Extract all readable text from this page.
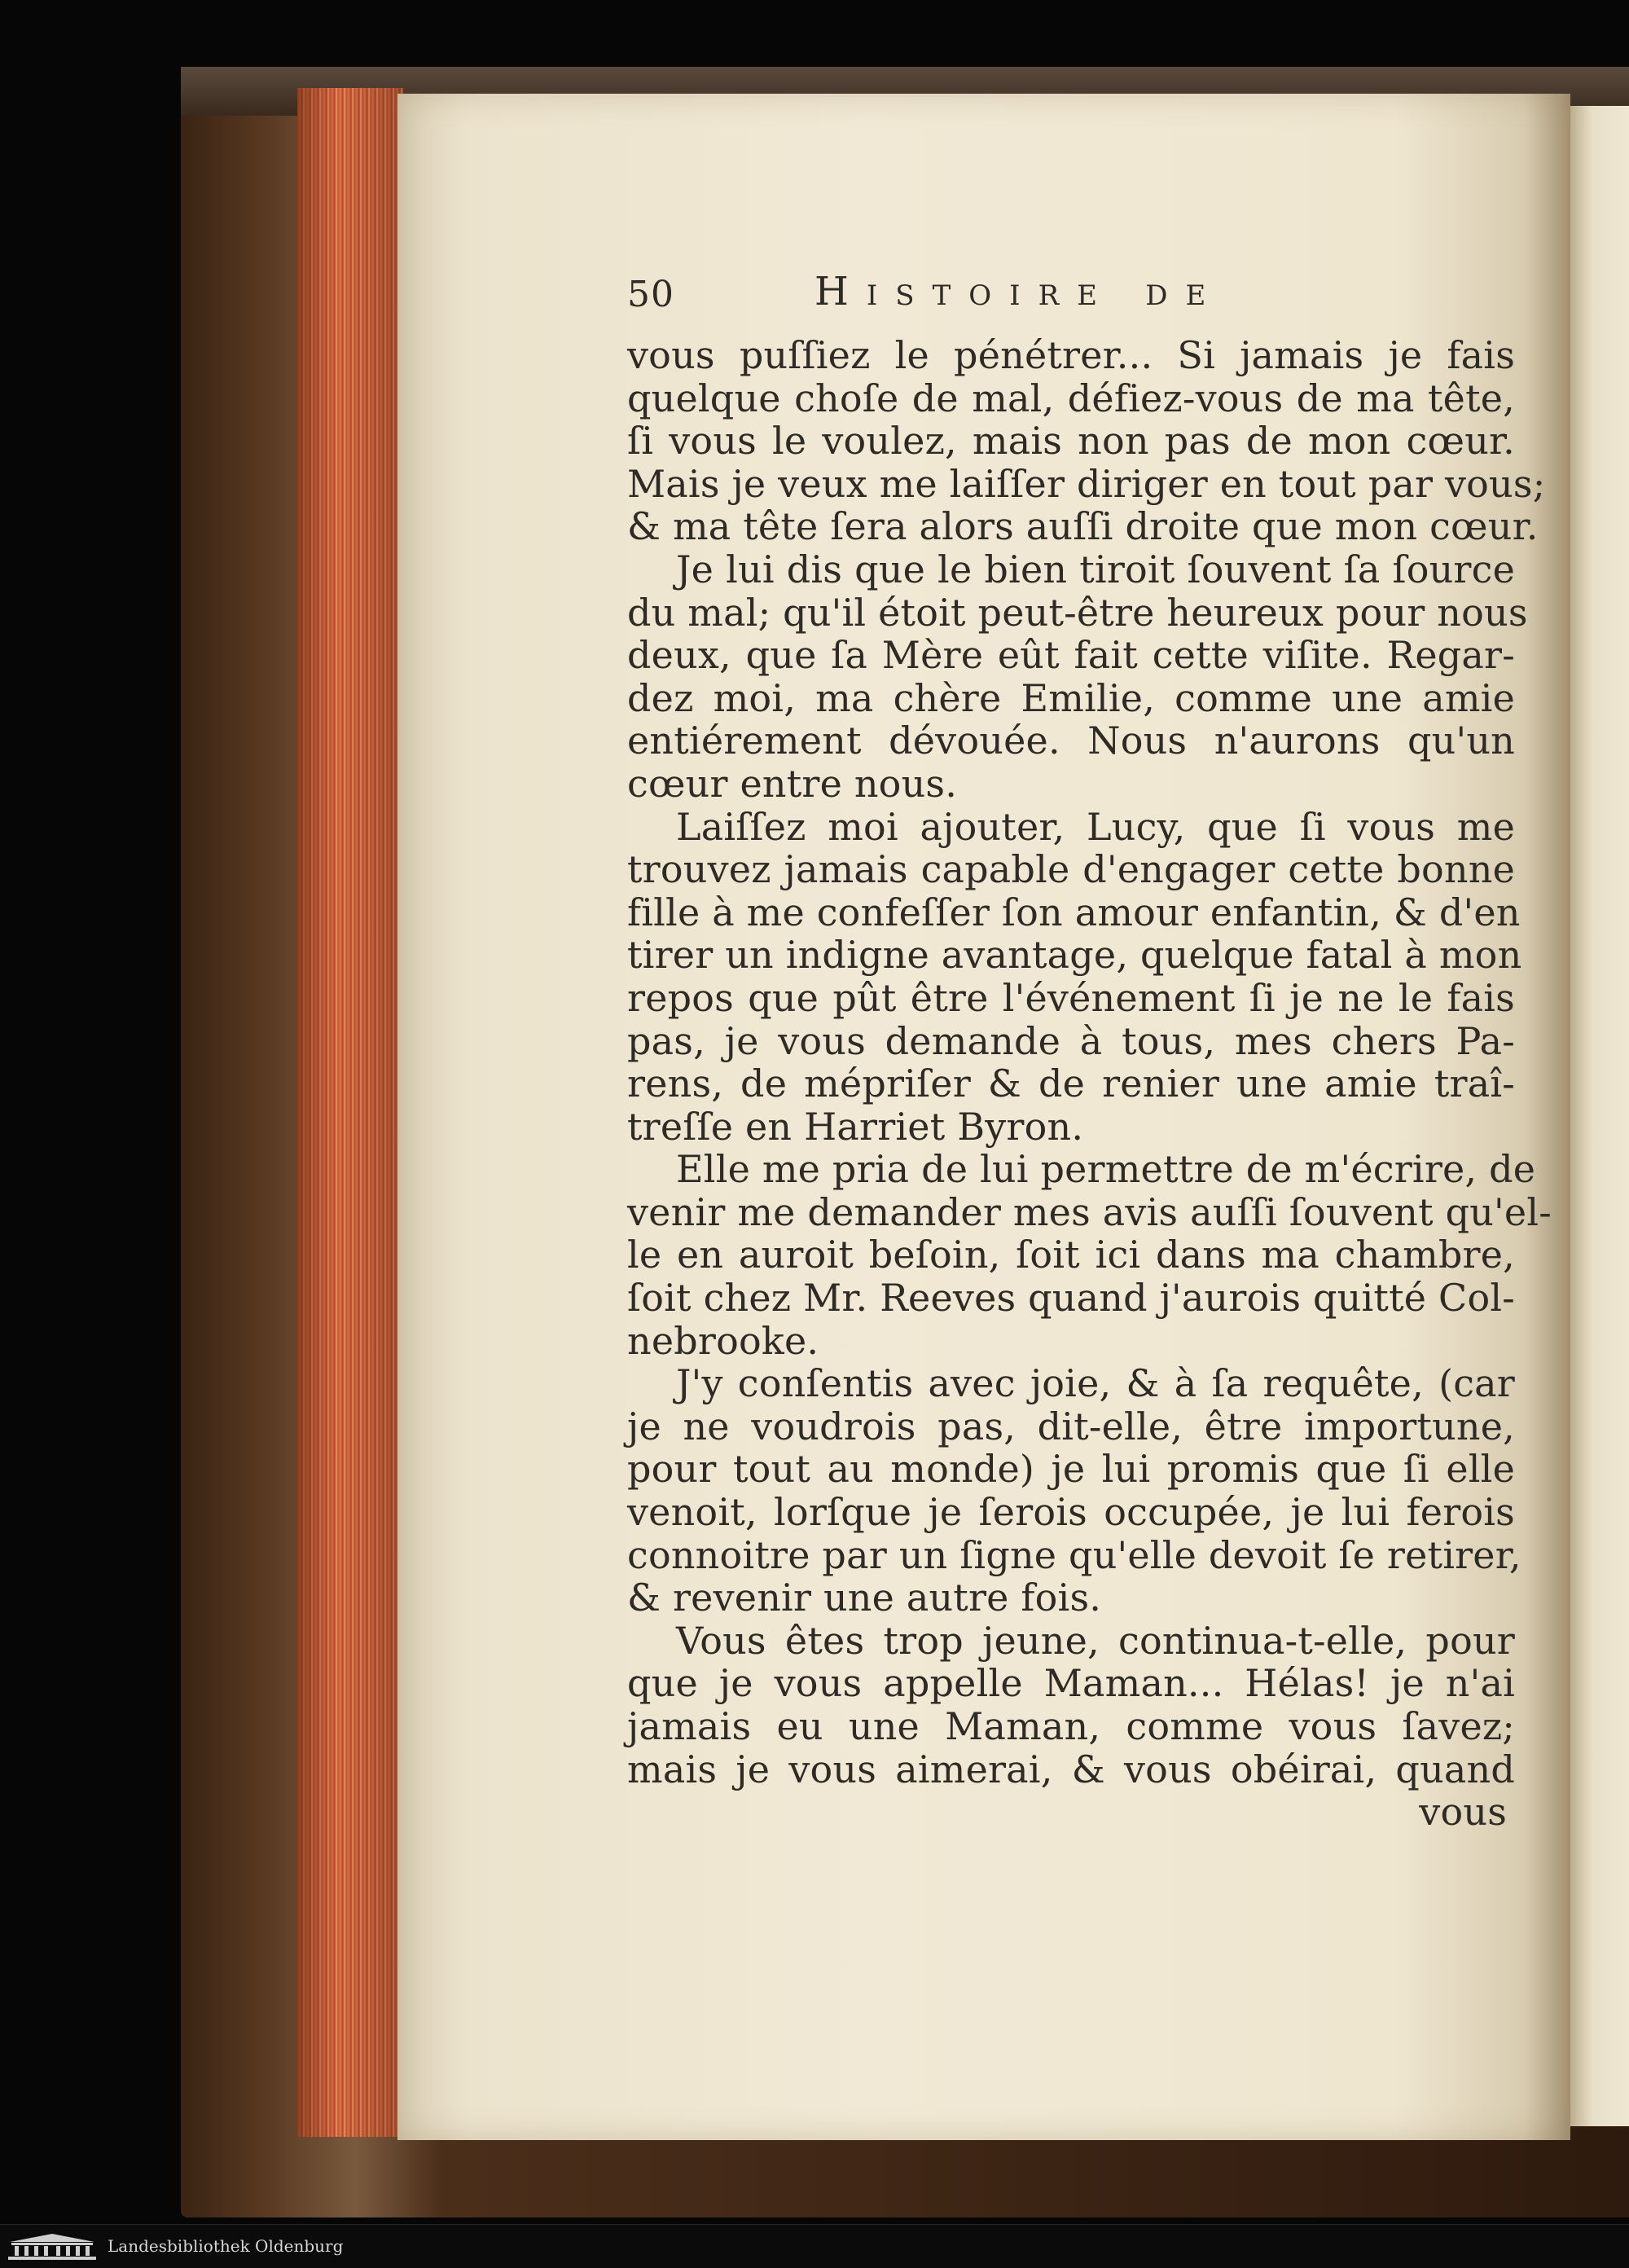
50	Histoire de
vous puſſiez le pénétrer... Si jamais je fais
quelque choſe de mal, défiez-vous de ma tête,
ſi vous le voulez, mais non pas de mon cœur.
Mais je veux me laiſſer diriger en tout par vous;
& ma tête ſera alors auſſi droite que mon cœur.
Je lui dis que le bien tiroit ſouvent ſa ſource
du mal; qu'il étoit peut-être heureux pour nous
deux, que ſa Mère eût fait cette viſite. Regar-
dez moi, ma chère Emilie, comme une amie
entiérement dévouée. Nous n'aurons qu'un
cœur entre nous.
Laiſſez moi ajouter, Lucy, que ſi vous me
trouvez jamais capable d'engager cette bonne
fille à me confeſſer ſon amour enfantin, & d'en
tirer un indigne avantage, quelque fatal à mon
repos que pût être l'événement ſi je ne le fais
pas, je vous demande à tous, mes chers Pa-
rens, de mépriſer & de renier une amie traî-
treſſe en Harriet Byron.
Elle me pria de lui permettre de m'écrire, de
venir me demander mes avis auſſi ſouvent qu'el-
le en auroit beſoin, ſoit ici dans ma chambre,
ſoit chez Mr. Reeves quand j'aurois quitté Col-
nebrooke.
J'y conſentis avec joie, & à ſa requête, (car
je ne voudrois pas, dit-elle, être importune,
pour tout au monde) je lui promis que ſi elle
venoit, lorſque je ſerois occupée, je lui ferois
connoitre par un ſigne qu'elle devoit ſe retirer,
& revenir une autre fois.
Vous êtes trop jeune, continua-t-elle, pour
que je vous appelle Maman... Hélas! je n'ai
jamais eu une Maman, comme vous ſavez;
mais je vous aimerai, & vous obéirai, quand
vous
Landesbibliothek Oldenburg
